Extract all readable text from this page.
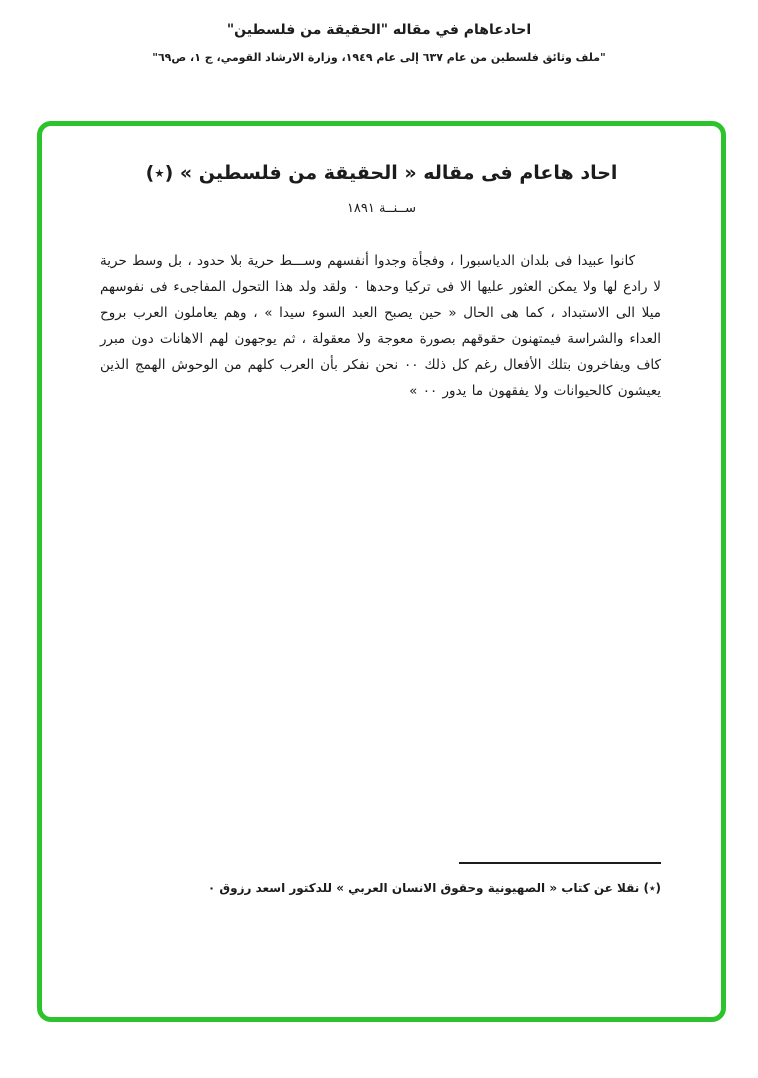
احادعاهام في مقاله "الحقيقة من فلسطين"
"ملف وثائق فلسطين من عام ٦٣٧ إلى عام ١٩٤٩، وزارة الارشاد القومي، ج ١، ص٦٩"
احاد هاعام فى مقاله « الحقيقة من فلسطين » (٭)
ســنــة ١٨٩١

كانوا عبيدا فى بلدان الدياسبورا ، وفجأة وجدوا أنفسهم وســـط حرية بلا حدود ، بل وسط حرية لا رادع لها ولا يمكن العثور عليها الا فى تركيا وحدها ٠ ولقد ولد هذا التحول المفاجىء فى نفوسهم ميلا الى الاستبداد ، كما هى الحال « حين يصبح العبد السوء سيدا » ، وهم يعاملون العرب بروح العداء والشراسة فيمتهنون حقوقهم بصورة معوجة ولا معقولة ، ثم يوجهون لهم الاهانات دون مبرر كاف ويفاخرون بتلك الأفعال رغم كل ذلك ٠٠ نحن نفكر بأن العرب كلهم من الوحوش الهمج الذين يعيشون كالحيوانات ولا يفقهون ما يدور ٠٠ »

(٭) نقلا عن كتاب « الصهيونية وحقوق الانسان العربي » للدكتور اسعد رزوق ٠
